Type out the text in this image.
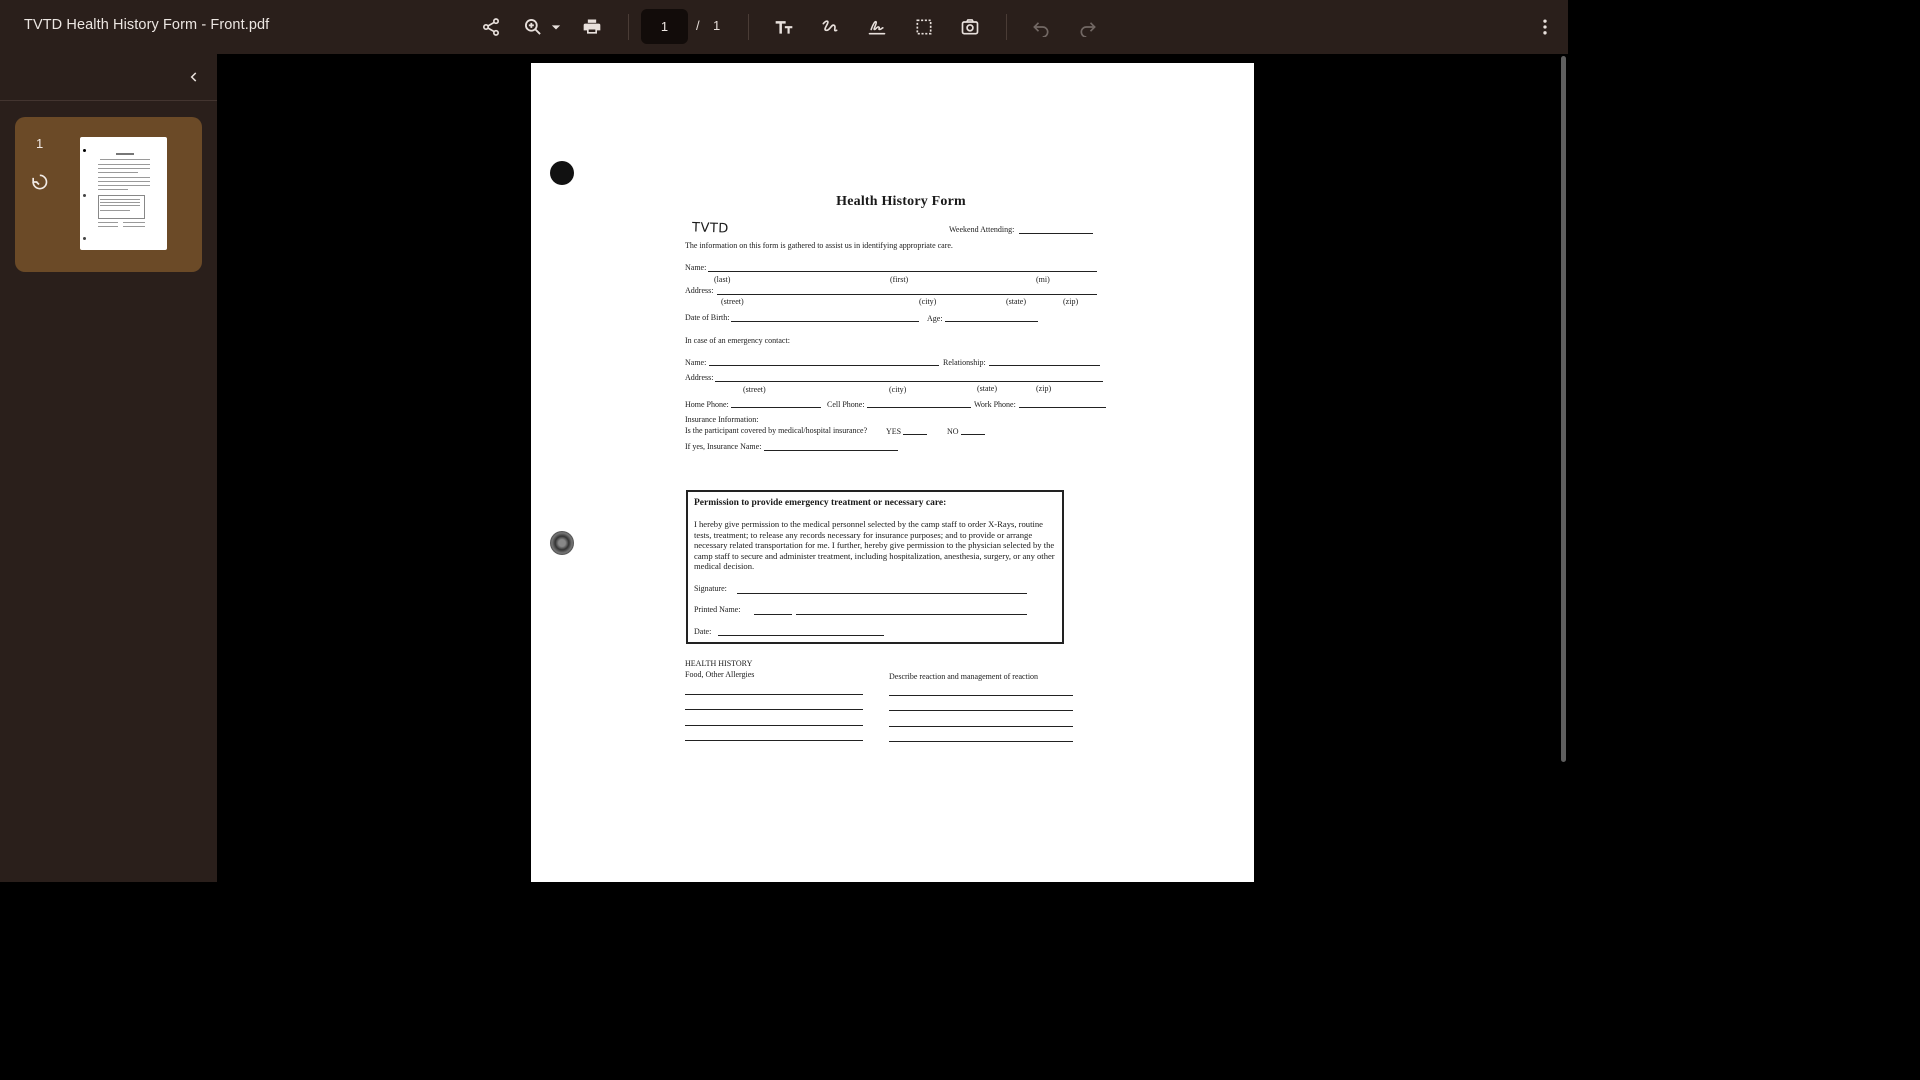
TVTD Health History Form - Front.pdf	1	/ 1
1
Health History Form
TVTD	Weekend Attending:
The information on this form is gathered to assist us in identifying appropriate care.
Name:
(last)	(first)	(mi)
Address:
(street)	(city)	(state)	(zip)
Date of Birth:	Age:
In case of an emergency contact:
Name:	Relationship:
Address:
(street)	(city)	(state)	(zip)
Home Phone:	Cell Phone:	Work Phone:
Insurance Information:
Is the participant covered by medical/hospital insurance? YES	NO
If yes, Insurance Name:
Permission to provide emergency treatment or necessary care:
I hereby give permission to the medical personnel selected by the camp staff to order X-Rays, routine tests, treatment; to release any records necessary for insurance purposes; and to provide or arrange necessary related transportation for me. I further, hereby give permission to the physician selected by the camp staff to secure and administer treatment, including hospitalization, anesthesia, surgery, or any other medical decision.
Signature:
Printed Name:
Date:
HEALTH HISTORY
Food, Other Allergies	Describe reaction and management of reaction
